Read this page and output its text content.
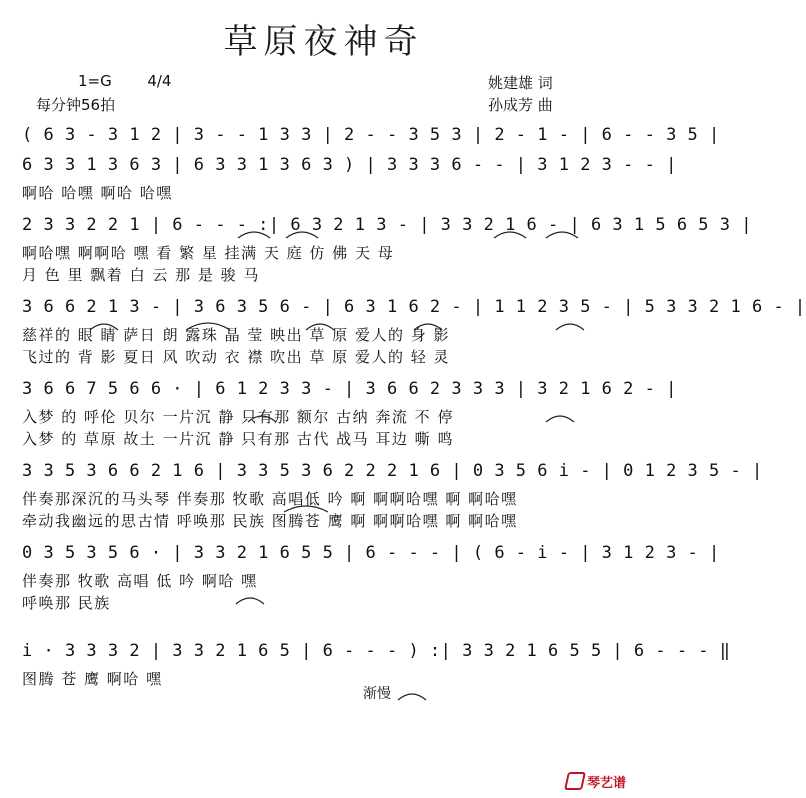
草原夜神奇
1=G 4/4
每分钟56拍
姚建雄 词
孙成芳 曲
( 6 3 - 3 1 2 | 3 - - 1 3 3 | 2 - - 3 5 3 | 2 - 1 - | 6 - - 3 5 |
6 3 3 1 3 6 3 | 6 3 3 1 3 6 3 ) | 3 3 3 6 - - | 3 1 2 3 - - |
啊哈 哈嘿 啊哈 哈嘿
2 3 3 2 2 1 | 6 - - - :| 6 3 2 1 3 - | 3 3 2 1 6 - | 6 3 1 5 6 5 3 |
啊哈嘿 啊啊哈 嘿 看 繁 星 挂满 天 庭 仿 佛 天 母
月 色 里 飘着 白 云 那 是 骏 马
3 6 6 2 1 3 - | 3 6 3 5 6 - | 6 3 1 6 2 - | 1 1 2 3 5 - | 5 3 3 2 1 6 - |
慈祥的 眼 睛 萨日 朗 露珠 晶 莹 映出 草 原 爱人的 身 影
飞过的 背 影 夏日 风 吹动 衣 襟 吹出 草 原 爱人的 轻 灵
3 6 6 7 5 6 6 · | 6 1 2 3 3 - | 3 6 6 2 3 3 3 | 3 2 1 6 2 - |
入梦 的 呼伦 贝尔 一片沉 静 只有那 额尔 古纳 奔流 不 停
入梦 的 草原 故土 一片沉 静 只有那 古代 战马 耳边 嘶 鸣
3 3 5 3 6 6 2 1 6 | 3 3 5 3 6 2 2 2 1 6 | 0 3 5 6 i - | 0 1 2 3 5 - |
伴奏那深沉的马头琴 伴奏那 牧歌 高唱低 吟 啊 啊啊哈嘿 啊 啊哈嘿
牵动我幽远的思古情 呼唤那 民族 图腾苍 鹰 啊 啊啊哈嘿 啊 啊哈嘿
0 3 5 3 5 6 · | 3 3 2 1 6 5 5 | 6 - - - | ( 6 - i - | 3 1 2 3 - |
伴奏那 牧歌 高唱 低 吟 啊哈 嘿
呼唤那 民族
i · 3 3 3 2 | 3 3 2 1 6 5 | 6 - - - ) :| 3 3 2 1 6 5 5 | 6 - - - ‖
图腾 苍 鹰 啊哈 嘿
渐慢
琴艺谱
